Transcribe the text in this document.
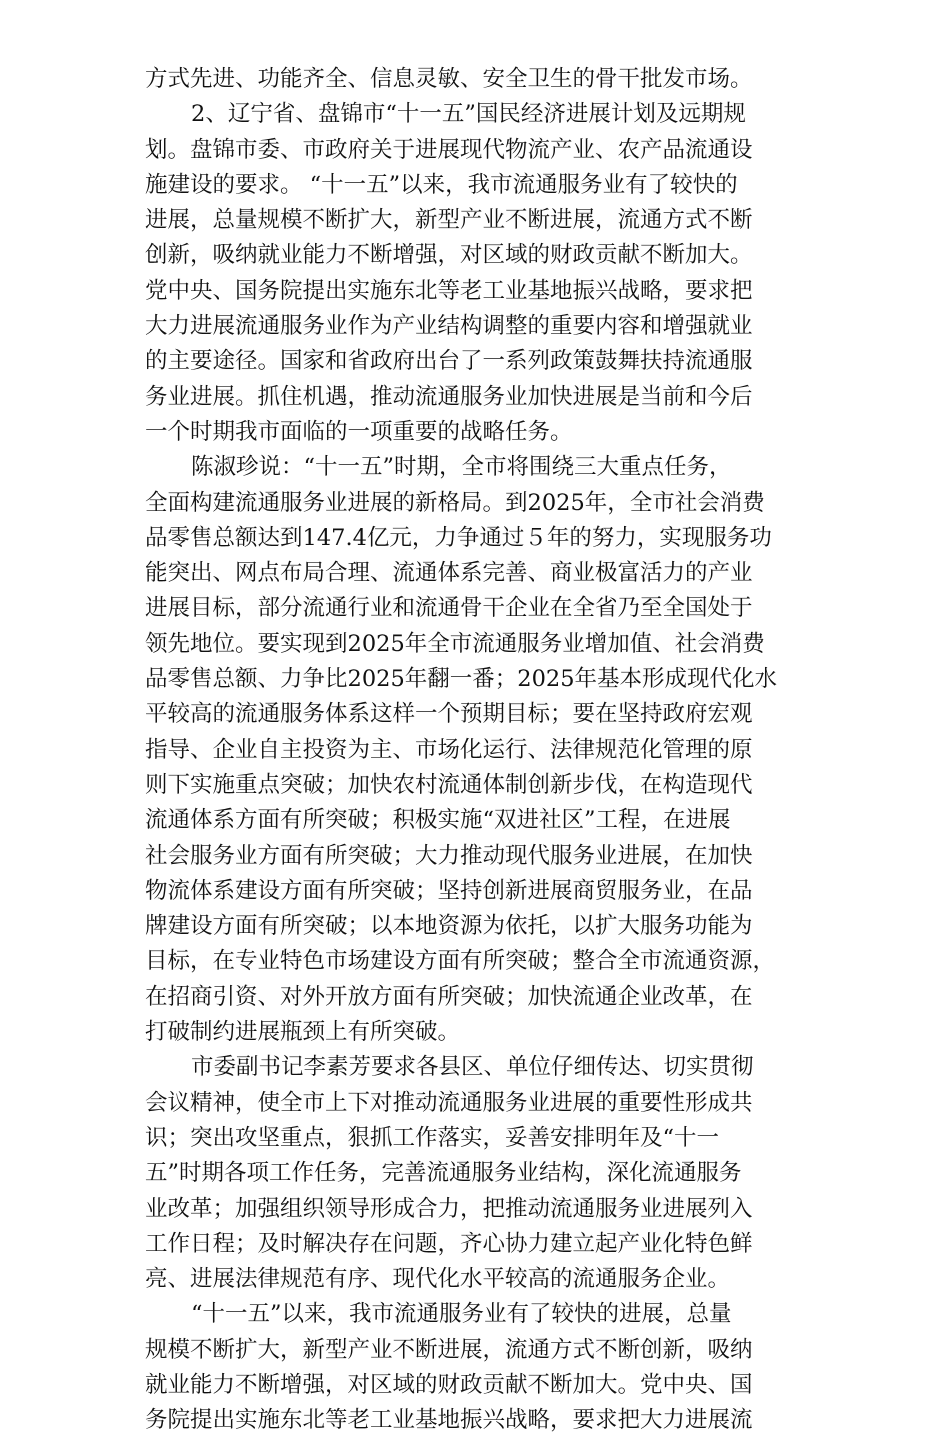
方式先进、功能齐全、信息灵敏、安全卫生的骨干批发市场。
2、辽宁省、盘锦市“十一五”国民经济进展计划及远期规
划。盘锦市委、市政府关于进展现代物流产业、农产品流通设
施建设的要求。 “十一五”以来，我市流通服务业有了较快的
进展，总量规模不断扩大，新型产业不断进展，流通方式不断
创新，吸纳就业能力不断增强，对区域的财政贡献不断加大。
党中央、国务院提出实施东北等老工业基地振兴战略，要求把
大力进展流通服务业作为产业结构调整的重要内容和增强就业
的主要途径。国家和省政府出台了一系列政策鼓舞扶持流通服
务业进展。抓住机遇，推动流通服务业加快进展是当前和今后
一个时期我市面临的一项重要的战略任务。
陈淑珍说：“十一五”时期，全市将围绕三大重点任务，
全面构建流通服务业进展的新格局。到2025年，全市社会消费
品零售总额达到147.4亿元，力争通过５年的努力，实现服务功
能突出、网点布局合理、流通体系完善、商业极富活力的产业
进展目标，部分流通行业和流通骨干企业在全省乃至全国处于
领先地位。要实现到2025年全市流通服务业增加值、社会消费
品零售总额、力争比2025年翻一番；2025年基本形成现代化水
平较高的流通服务体系这样一个预期目标；要在坚持政府宏观
指导、企业自主投资为主、市场化运行、法律规范化管理的原
则下实施重点突破；加快农村流通体制创新步伐，在构造现代
流通体系方面有所突破；积极实施“双进社区”工程，在进展
社会服务业方面有所突破；大力推动现代服务业进展，在加快
物流体系建设方面有所突破；坚持创新进展商贸服务业，在品
牌建设方面有所突破；以本地资源为依托，以扩大服务功能为
目标，在专业特色市场建设方面有所突破；整合全市流通资源，
在招商引资、对外开放方面有所突破；加快流通企业改革，在
打破制约进展瓶颈上有所突破。
市委副书记李素芳要求各县区、单位仔细传达、切实贯彻
会议精神，使全市上下对推动流通服务业进展的重要性形成共
识；突出攻坚重点，狠抓工作落实，妥善安排明年及“十一
五”时期各项工作任务，完善流通服务业结构，深化流通服务
业改革；加强组织领导形成合力，把推动流通服务业进展列入
工作日程；及时解决存在问题，齐心协力建立起产业化特色鲜
亮、进展法律规范有序、现代化水平较高的流通服务企业。
“十一五”以来，我市流通服务业有了较快的进展，总量
规模不断扩大，新型产业不断进展，流通方式不断创新，吸纳
就业能力不断增强，对区域的财政贡献不断加大。党中央、国
务院提出实施东北等老工业基地振兴战略，要求把大力进展流
